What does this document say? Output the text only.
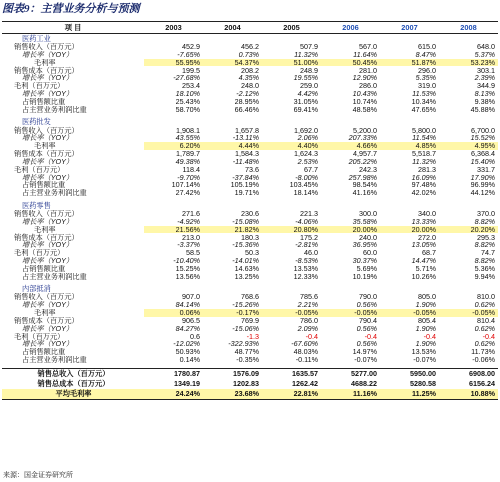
图表9：主营业务分析与预测
项 目	2003	2004	2005	2006	2007	2008
医药工业						
销售收入（百万元）	452.9	456.2	507.9	567.0	615.0	648.0
增长率（YOY）	-7.65%	0.73%	11.32%	11.64%	8.47%	5.37%
毛利率	55.95%	54.37%	51.00%	50.45%	51.87%	53.23%
销售成本（百万元）	199.5	208.2	248.9	281.0	296.0	303.1
增长率（YOY）	-27.68%	4.35%	19.55%	12.90%	5.35%	2.39%
毛利（百万元）	253.4	248.0	259.0	286.0	319.0	344.9
增长率（YOY）	18.10%	-2.12%	4.42%	10.43%	11.53%	8.13%
占销售额比重	25.43%	28.95%	31.05%	10.74%	10.34%	9.38%
占主营业务利润比重	58.70%	66.46%	69.41%	48.58%	47.65%	45.88%

医药批发						
销售收入（百万元）	1,908.1	1,657.8	1,692.0	5,200.0	5,800.0	6,700.0
增长率（YOY）	43.55%	-13.11%	2.06%	207.33%	11.54%	15.52%
毛利率	6.20%	4.44%	4.40%	4.66%	4.85%	4.95%
销售成本（百万元）	1,789.7	1,584.3	1,624.3	4,957.7	5,518.7	6,368.4
增长率（YOY）	49.38%	-11.48%	2.53%	205.22%	11.32%	15.40%
毛利（百万元）	118.4	73.6	67.7	242.3	281.3	331.7
增长率（YOY）	-9.70%	-37.84%	-8.00%	257.98%	16.09%	17.90%
占销售额比重	107.14%	105.19%	103.45%	98.54%	97.48%	96.99%
占主营业务利润比重	27.42%	19.71%	18.14%	41.16%	42.02%	44.12%

医药零售						
销售收入（百万元）	271.6	230.6	221.3	300.0	340.0	370.0
增长率（YOY）	-4.92%	-15.08%	-4.06%	35.58%	13.33%	8.82%
毛利率	21.56%	21.82%	20.80%	20.00%	20.00%	20.20%
销售成本（百万元）	213.0	180.3	175.2	240.0	272.0	295.3
增长率（YOY）	-3.37%	-15.36%	-2.81%	36.95%	13.05%	8.82%
毛利（百万元）	58.5	50.3	46.0	60.0	68.7	74.7
增长率（YOY）	-10.40%	-14.01%	-8.53%	30.37%	14.47%	8.82%
占销售额比重	15.25%	14.63%	13.53%	5.69%	5.71%	5.36%
占主营业务利润比重	13.56%	13.25%	12.33%	10.19%	10.26%	9.94%

内部抵消						
销售收入（百万元）	907.0	768.6	785.6	790.0	805.0	810.0
增长率（YOY）	84.14%	-15.26%	2.21%	0.56%	1.90%	0.62%
毛利率	0.06%	-0.17%	-0.05%	-0.05%	-0.05%	-0.05%
销售成本（百万元）	906.5	769.9	786.0	790.4	805.4	810.4
增长率（YOY）	84.27%	-15.06%	2.09%	0.56%	1.90%	0.62%
毛利（百万元）	0.6	-1.3	-0.4	-0.4	-0.4	-0.4
增长率（YOY）	-12.02%	-322.93%	-67.60%	0.56%	1.90%	0.62%
占销售额比重	50.93%	48.77%	48.03%	14.97%	13.53%	11.73%
占主营业务利润比重	0.14%	-0.35%	-0.11%	-0.07%	-0.07%	-0.06%

销售总收入（百万元）	1780.87	1576.09	1635.57	5277.00	5950.00	6908.00
销售总成本（百万元）	1349.19	1202.83	1262.42	4688.22	5280.58	6156.24
平均毛利率	24.24%	23.68%	22.81%	11.16%	11.25%	10.88%
来源：国金证券研究所
